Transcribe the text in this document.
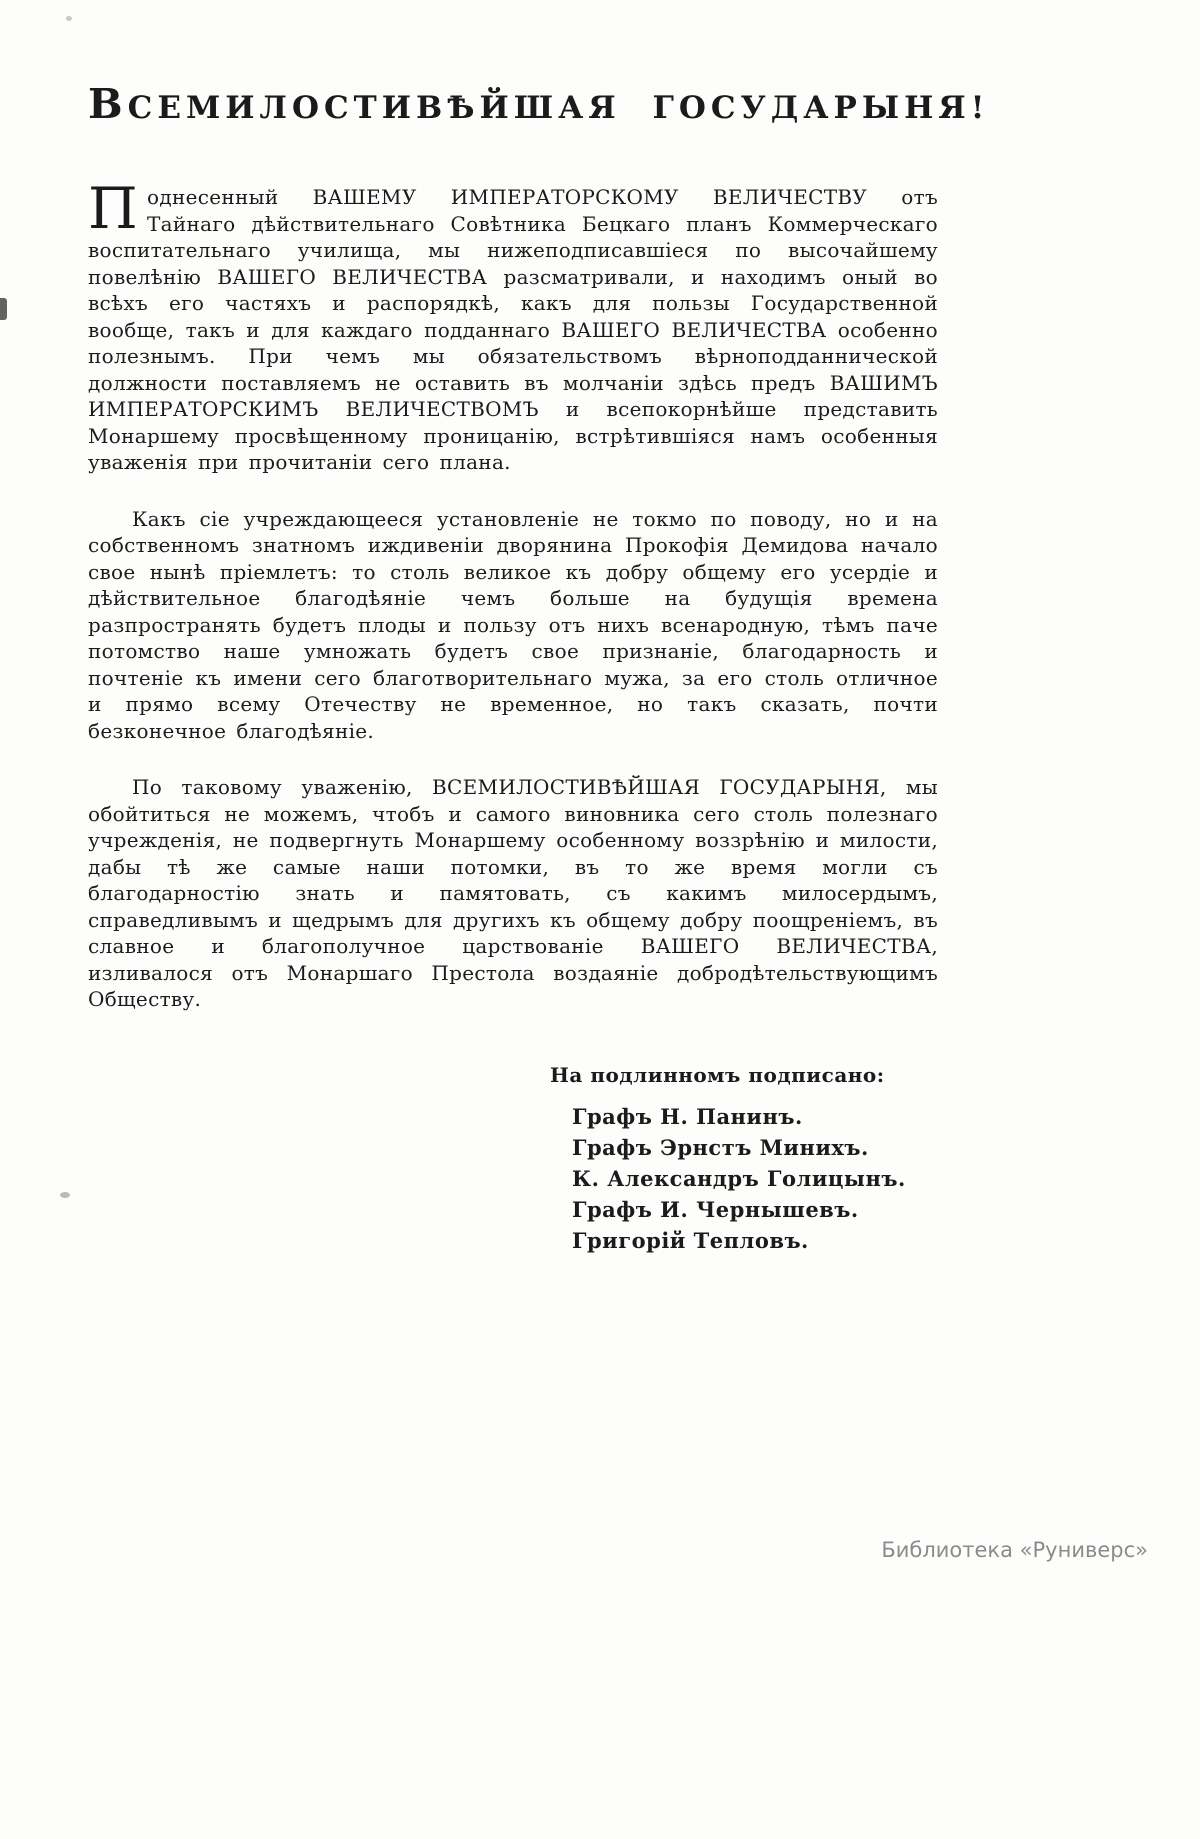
ВСЕМИЛОСТИВѢЙШАЯ ГОСУДАРЫНЯ!

Поднесенный ВАШЕМУ ИМПЕРАТОРСКОМУ ВЕЛИЧЕСТВУ отъ Тайнаго дѣйствительнаго Совѣтника Бецкаго планъ Коммерческаго воспитательнаго училища, мы нижеподписавшіеся по высочайшему повелѣнію ВАШЕГО ВЕЛИЧЕСТВА разсматривали, и находимъ оный во всѣхъ его частяхъ и распорядкѣ, какъ для пользы Государственной вообще, такъ и для каждаго подданнаго ВАШЕГО ВЕЛИЧЕСТВА особенно полезнымъ. При чемъ мы обязательствомъ вѣрноподданнической должности поставляемъ не оставить въ молчаніи здѣсь предъ ВАШИМЪ ИМПЕРАТОРСКИМЪ ВЕЛИЧЕСТВОМЪ и всепокорнѣйше представить Монаршему просвѣщенному проницанію, встрѣтившіяся намъ особенныя уваженія при прочитаніи сего плана.

Какъ сіе учреждающееся установленіе не токмо по поводу, но и на собственномъ знатномъ иждивеніи дворянина Прокофія Демидова начало свое нынѣ пріемлетъ: то столь великое къ добру общему его усердіе и дѣйствительное благодѣяніе чемъ больше на будущія времена разпространять будетъ плоды и пользу отъ нихъ всенародную, тѣмъ паче потомство наше умножать будетъ свое признаніе, благодарность и почтеніе къ имени сего благотворительнаго мужа, за его столь отличное и прямо всему Отечеству не временное, но такъ сказать, почти безконечное благодѣяніе.

По таковому уваженію, ВСЕМИЛОСТИВѢЙШАЯ ГОСУДАРЫНЯ, мы обойтиться не можемъ, чтобъ и самого виновника сего столь полезнаго учрежденія, не подвергнуть Монаршему особенному воззрѣнію и милости, дабы тѣ же самые наши потомки, въ то же время могли съ благодарностію знать и памятовать, съ какимъ милосердымъ, справедливымъ и щедрымъ для другихъ къ общему добру поощреніемъ, въ славное и благополучное царствованіе ВАШЕГО ВЕЛИЧЕСТВА, изливалося отъ Монаршаго Престола воздаяніе добродѣтельствующимъ Обществу.

На подлинномъ подписано:
Графъ Н. Панинъ.
Графъ Эрнстъ Минихъ.
К. Александръ Голицынъ.
Графъ И. Чернышевъ.
Григорій Тепловъ.
Библиотека «Руниверс»
